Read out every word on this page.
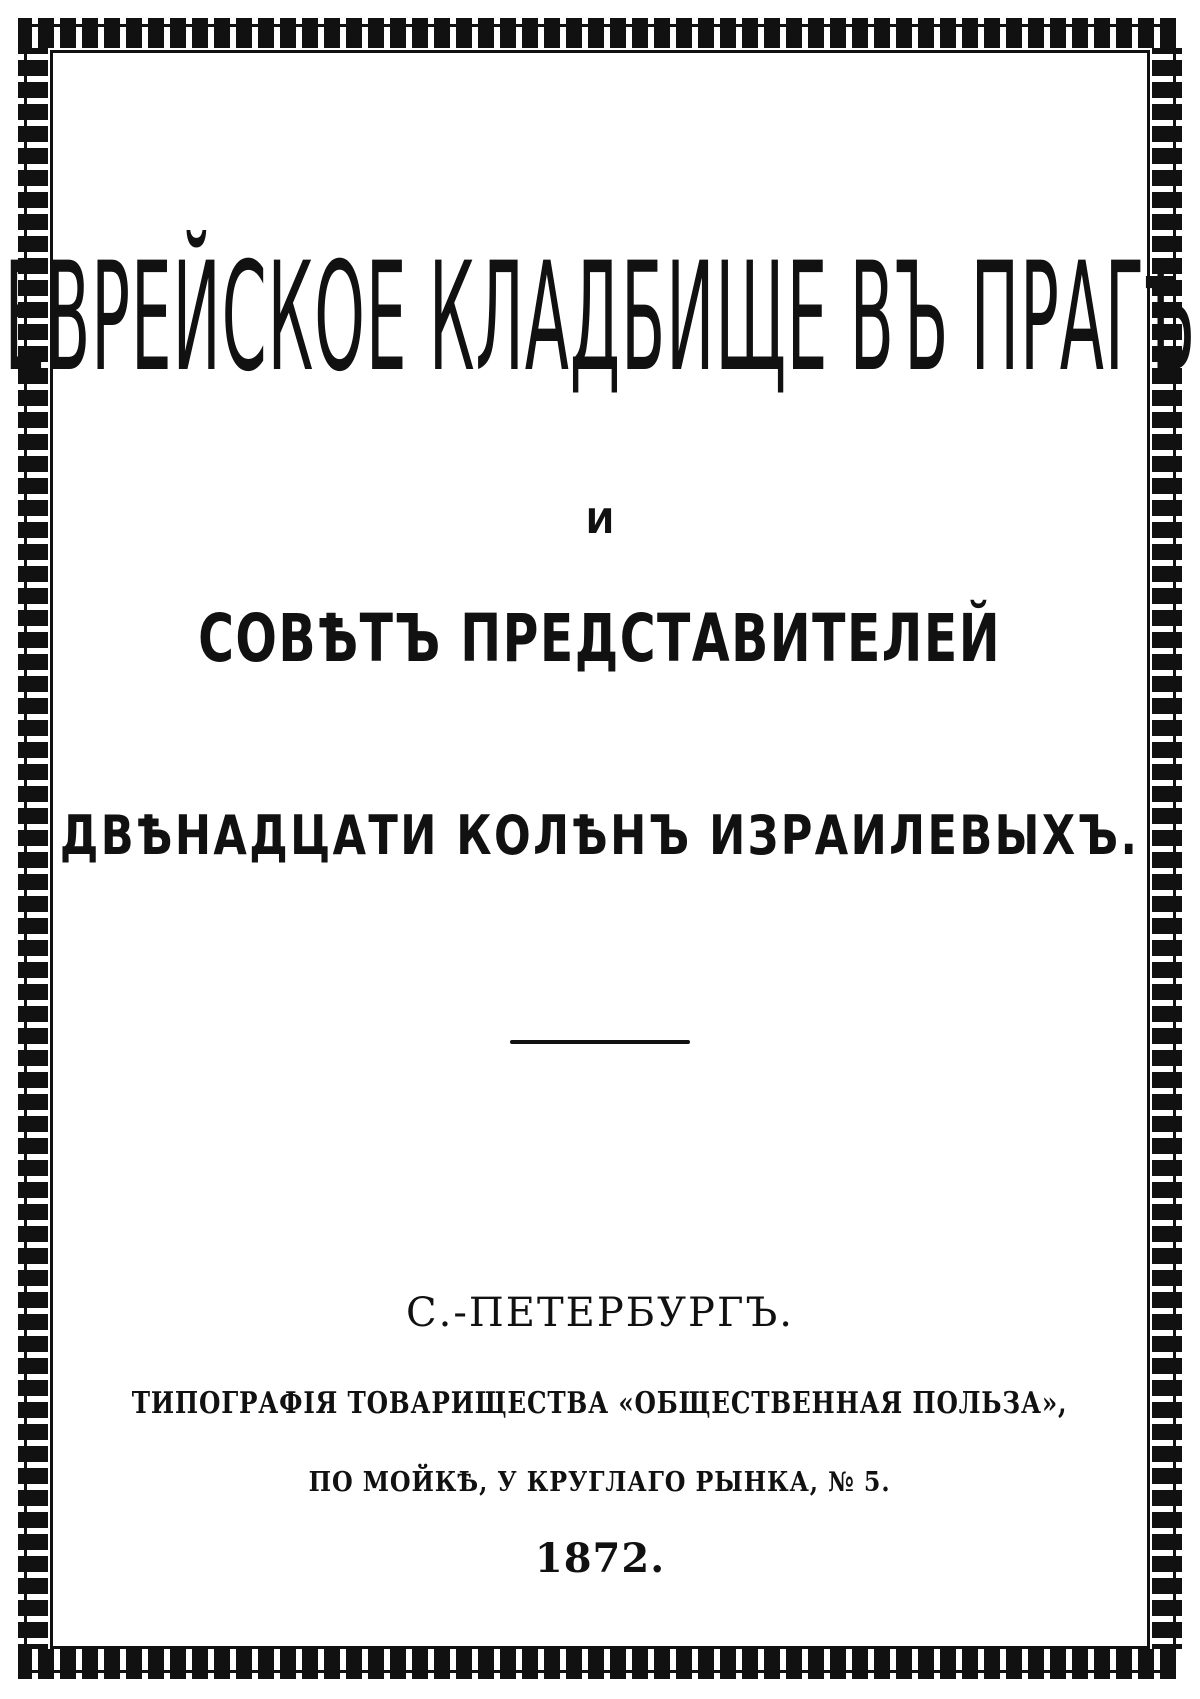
ЕВРЕЙСКОЕ КЛАДБИЩЕ ВЪ ПРАГѢ
И
СОВѢТЪ ПРЕДСТАВИТЕЛЕЙ
ДВѢНАДЦАТИ КОЛѢНЪ ИЗРАИЛЕВЫХЪ.
С.-ПЕТЕРБУРГЪ.
ТИПОГРАФІЯ ТОВАРИЩЕСТВА «ОБЩЕСТВЕННАЯ ПОЛЬЗА»,
ПО МОЙКѢ, У КРУГЛАГО РЫНКА, № 5.
1872.
